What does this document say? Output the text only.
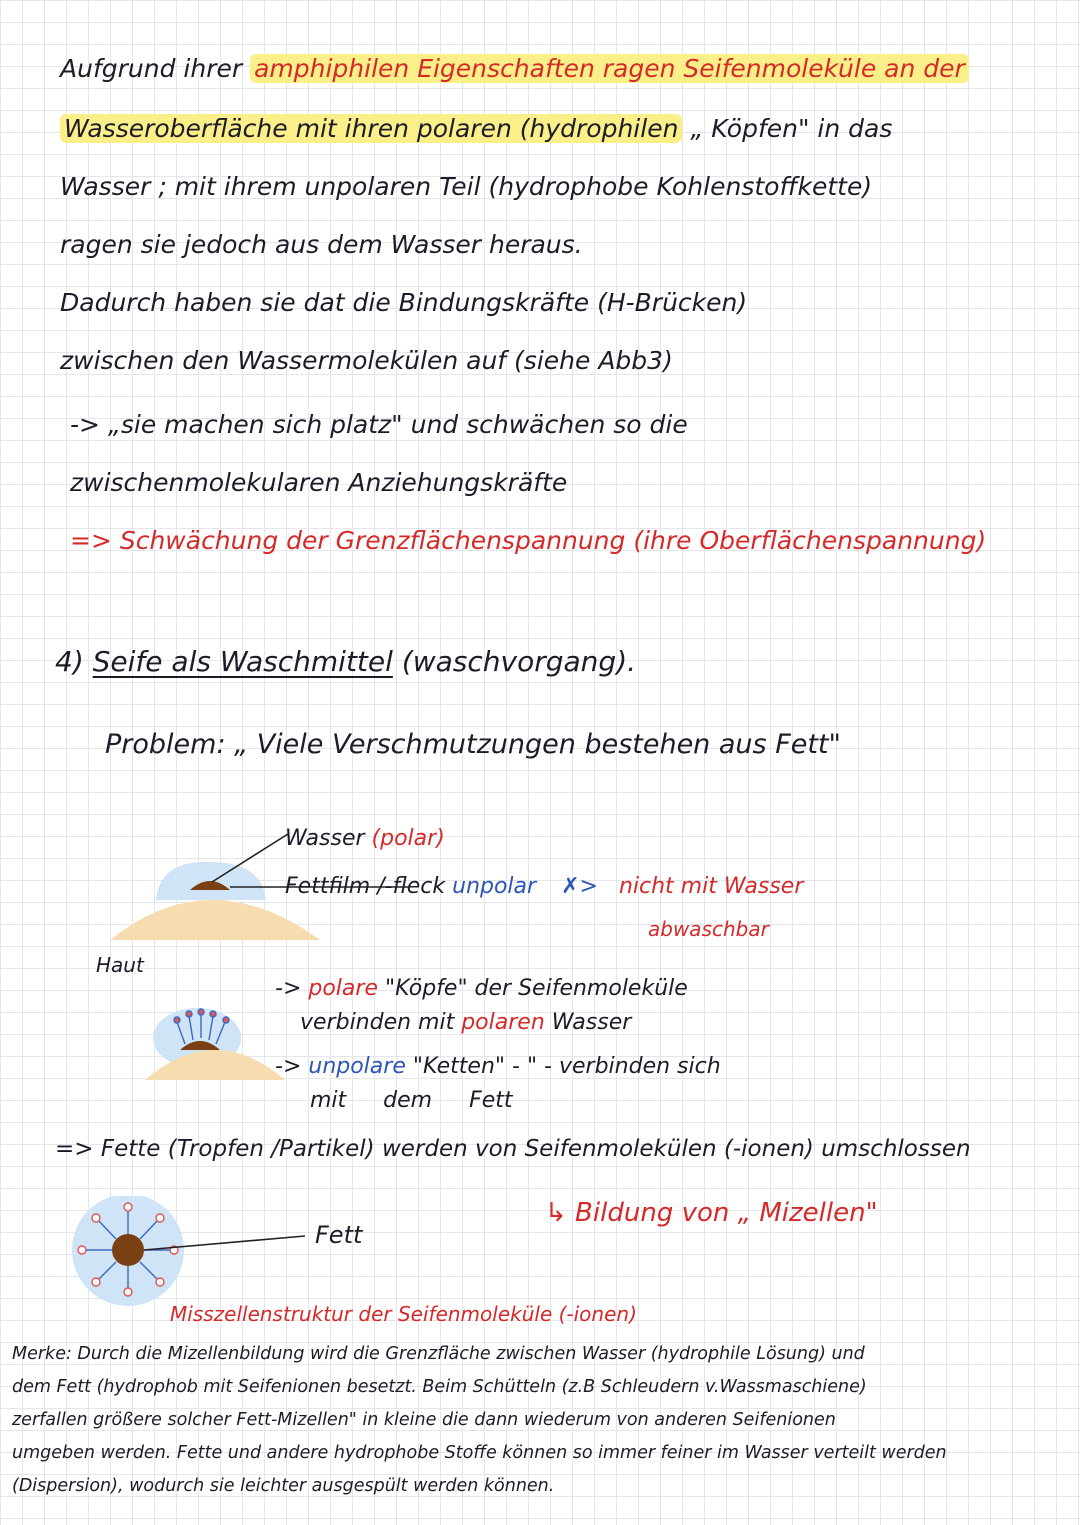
Aufgrund ihrer amphiphilen Eigenschaften ragen Seifenmoleküle an der
Wasseroberfläche mit ihren polaren (hydrophilen „ Köpfen" in das
Wasser ; mit ihrem unpolaren Teil (hydrophobe Kohlenstoffkette)
ragen sie jedoch aus dem Wasser heraus.
Dadurch haben sie dat die Bindungskräfte (H-Brücken)
zwischen den Wassermolekülen auf (siehe Abb3)
-> „sie machen sich platz" und schwächen so die
zwischenmolekularen Anziehungskräfte
=> Schwächung der Grenzflächenspannung (ihre Oberflächenspannung)
4) Seife als Waschmittel (waschvorgang).
Problem: „ Viele Verschmutzungen bestehen aus Fett"
Wasser (polar)
Fettfilm /-fleck unpolar ✗> nicht mit Wasser
abwaschbar
Haut
-> polare "Köpfe" der Seifenmoleküle
verbinden mit polaren Wasser
-> unpolare "Ketten" - " - verbinden sich
mit dem Fett
=> Fette (Tropfen /Partikel) werden von Seifenmolekülen (-ionen) umschlossen
↳ Bildung von „ Mizellen"
Fett
Misszellenstruktur der Seifenmoleküle (-ionen)
Merke: Durch die Mizellenbildung wird die Grenzfläche zwischen Wasser (hydrophile Lösung) und
dem Fett (hydrophob mit Seifenionen besetzt. Beim Schütteln (z.B Schleudern v.Wassmaschiene)
zerfallen größere solcher Fett-Mizellen" in kleine die dann wiederum von anderen Seifenionen
umgeben werden. Fette und andere hydrophobe Stoffe können so immer feiner im Wasser verteilt werden
(Dispersion), wodurch sie leichter ausgespült werden können.
